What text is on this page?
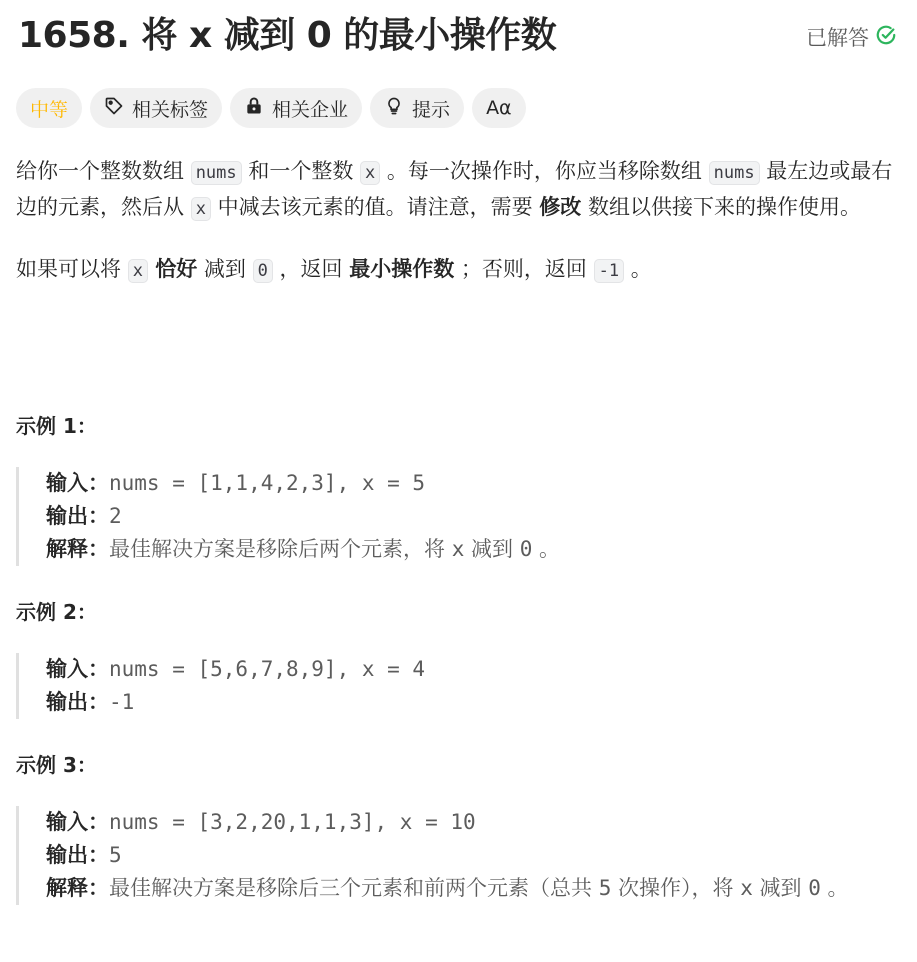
1658. 将 x 减到 0 的最小操作数	已解答
中等	相关标签	相关企业	提示 Aα

给你一个整数数组 nums 和一个整数 x 。每一次操作时，你应当移除数组 nums 最左边或最右边的元素，然后从 x 中减去该元素的值。请注意，需要 修改 数组以供接下来的操作使用。

如果可以将 x 恰好 减到 0 ，返回 最小操作数 ；否则，返回 -1 。

示例 1：
输入：nums = [1,1,4,2,3], x = 5
输出：2
解释：最佳解决方案是移除后两个元素，将 x 减到 0 。
示例 2：
输入：nums = [5,6,7,8,9], x = 4
输出：-1
示例 3：
输入：nums = [3,2,20,1,1,3], x = 10
输出：5
解释：最佳解决方案是移除后三个元素和前两个元素（总共 5 次操作），将 x 减到 0 。
